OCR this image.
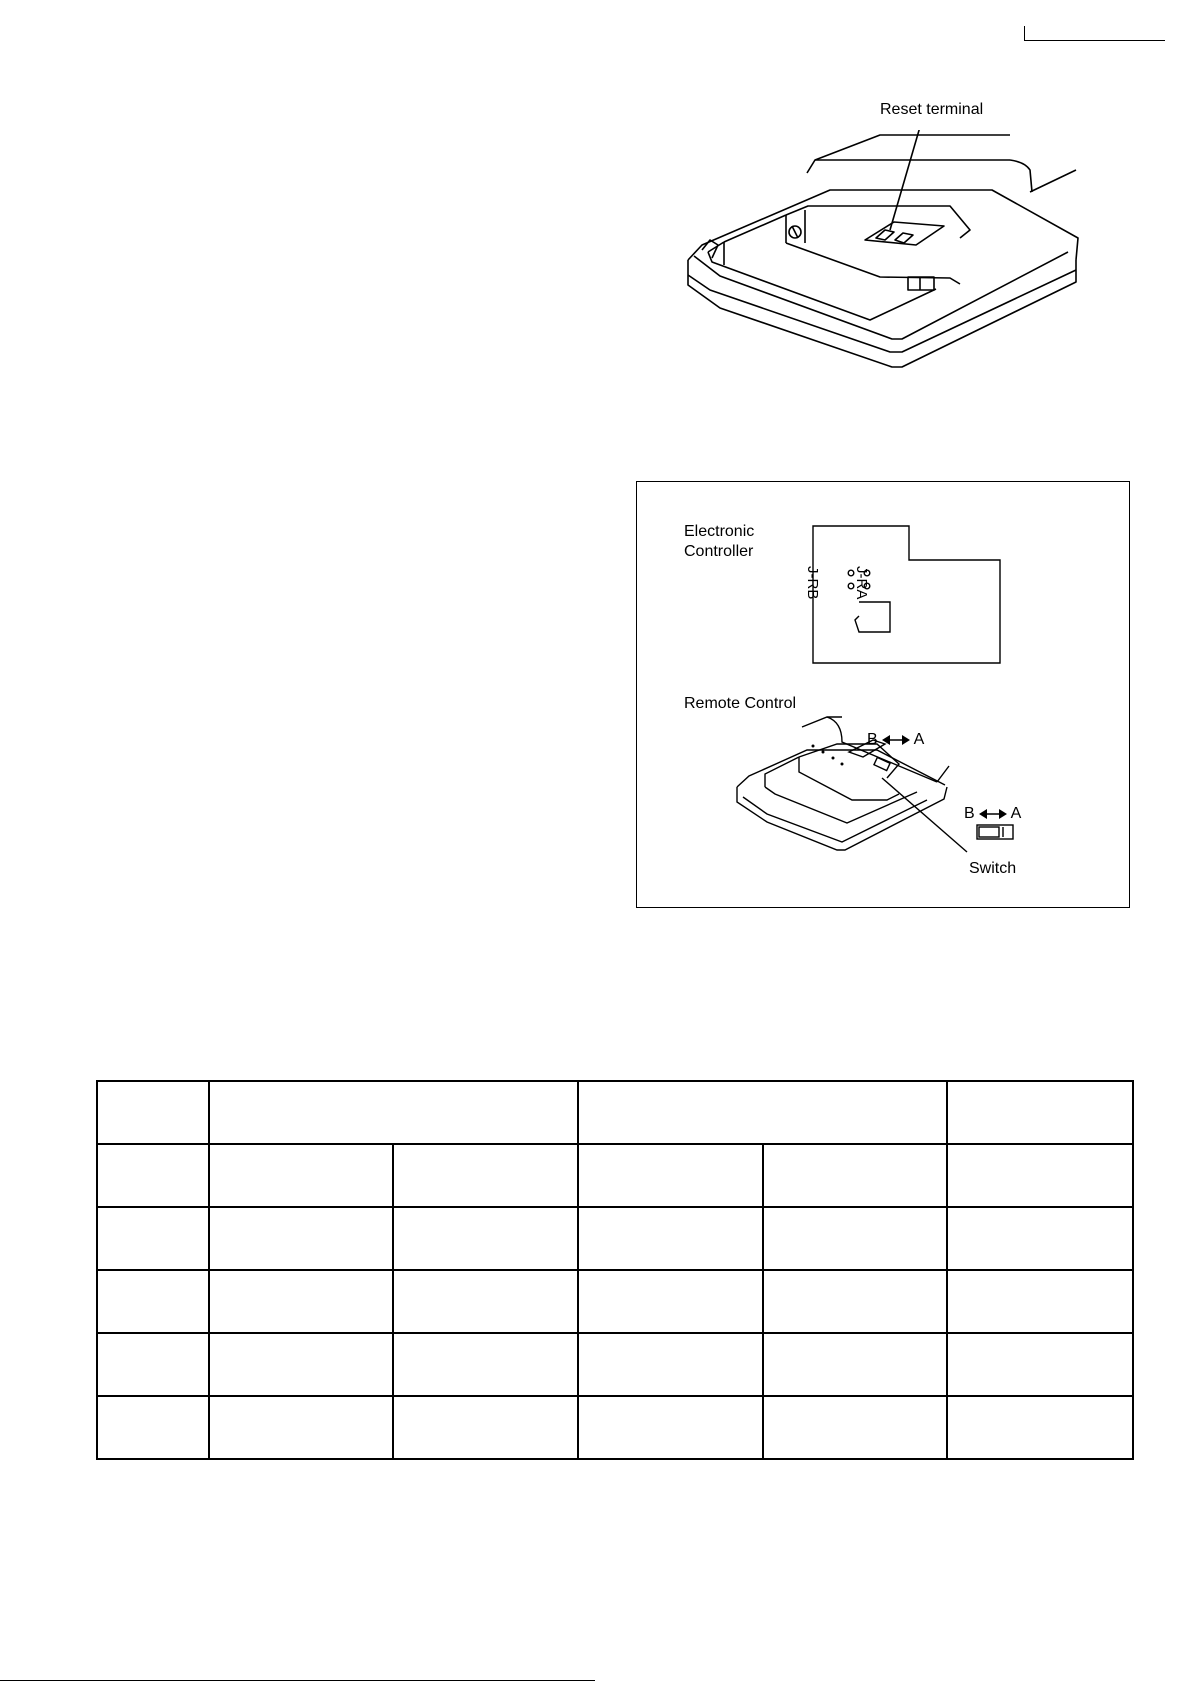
Reset terminal
Electronic
Controller
J-RB J-RA
Remote Control
B A
B A
Switch
